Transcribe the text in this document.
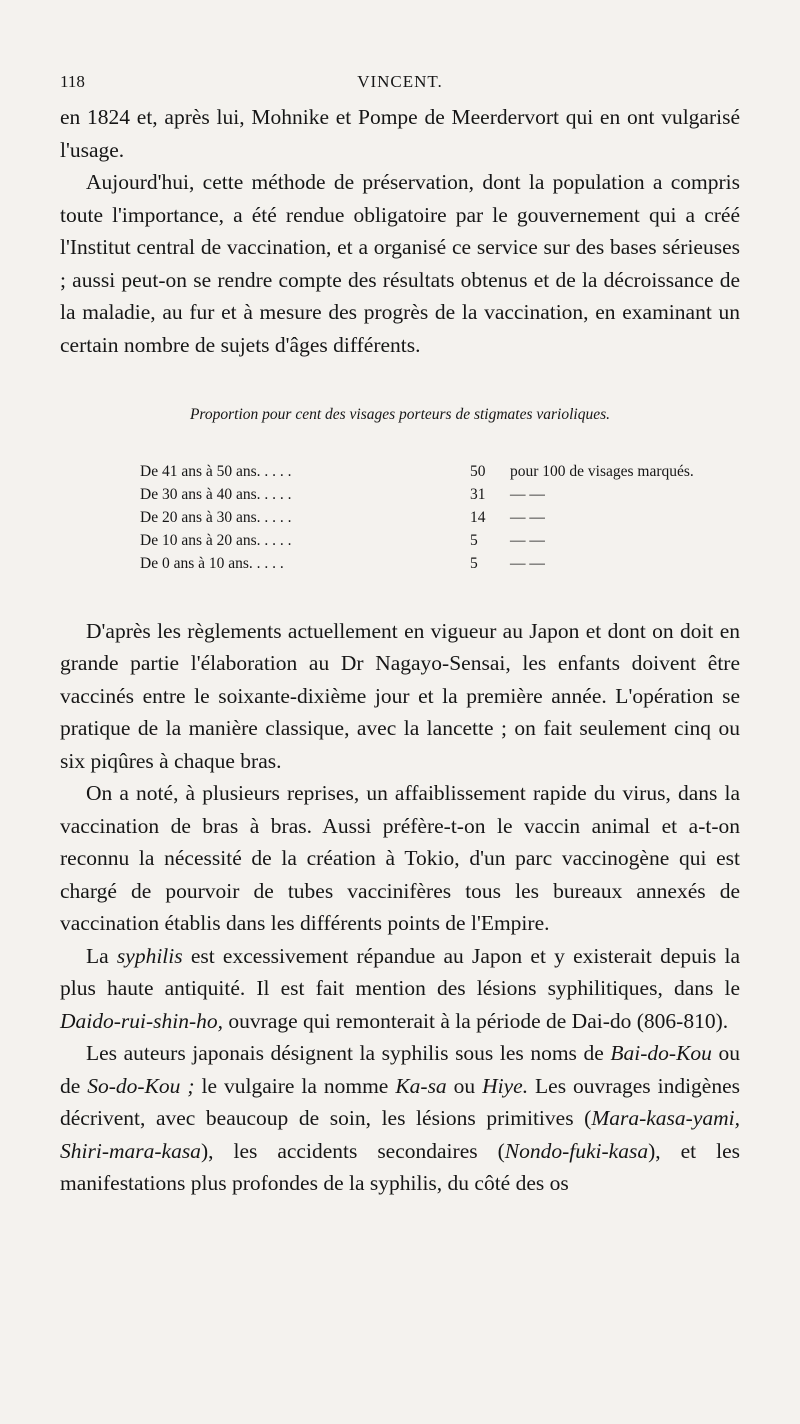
118	VINCENT.

en 1824 et, après lui, Mohnike et Pompe de Meerdervort qui en ont vulgarisé l'usage.

Aujourd'hui, cette méthode de préservation, dont la population a compris toute l'importance, a été rendue obligatoire par le gouvernement qui a créé l'Institut central de vaccination, et a organisé ce service sur des bases sérieuses ; aussi peut-on se rendre compte des résultats obtenus et de la décroissance de la maladie, au fur et à mesure des progrès de la vaccination, en examinant un certain nombre de sujets d'âges différents.

Proportion pour cent des visages porteurs de stigmates varioliques.
De 41 ans à 50 ans. . . . .	50	pour 100 de visages marqués.
De 30 ans à 40 ans. . . . .	31	— —
De 20 ans à 30 ans. . . . .	14	— —
De 10 ans à 20 ans. . . . .	5	— —
De 0 ans à 10 ans. . . . .	5	— —

D'après les règlements actuellement en vigueur au Japon et dont on doit en grande partie l'élaboration au Dr Nagayo-Sensai, les enfants doivent être vaccinés entre le soixante-dixième jour et la première année. L'opération se pratique de la manière classique, avec la lancette ; on fait seulement cinq ou six piqûres à chaque bras.

On a noté, à plusieurs reprises, un affaiblissement rapide du virus, dans la vaccination de bras à bras. Aussi préfère-t-on le vaccin animal et a-t-on reconnu la nécessité de la création à Tokio, d'un parc vaccinogène qui est chargé de pourvoir de tubes vaccinifères tous les bureaux annexés de vaccination établis dans les différents points de l'Empire.

La syphilis est excessivement répandue au Japon et y existerait depuis la plus haute antiquité. Il est fait mention des lésions syphilitiques, dans le Daido-rui-shin-ho, ouvrage qui remonterait à la période de Dai-do (806-810).

Les auteurs japonais désignent la syphilis sous les noms de Bai-do-Kou ou de So-do-Kou ; le vulgaire la nomme Ka-sa ou Hiye. Les ouvrages indigènes décrivent, avec beaucoup de soin, les lésions primitives (Mara-kasa-yami, Shiri-mara-kasa), les accidents secondaires (Nondo-fuki-kasa), et les manifestations plus profondes de la syphilis, du côté des os
